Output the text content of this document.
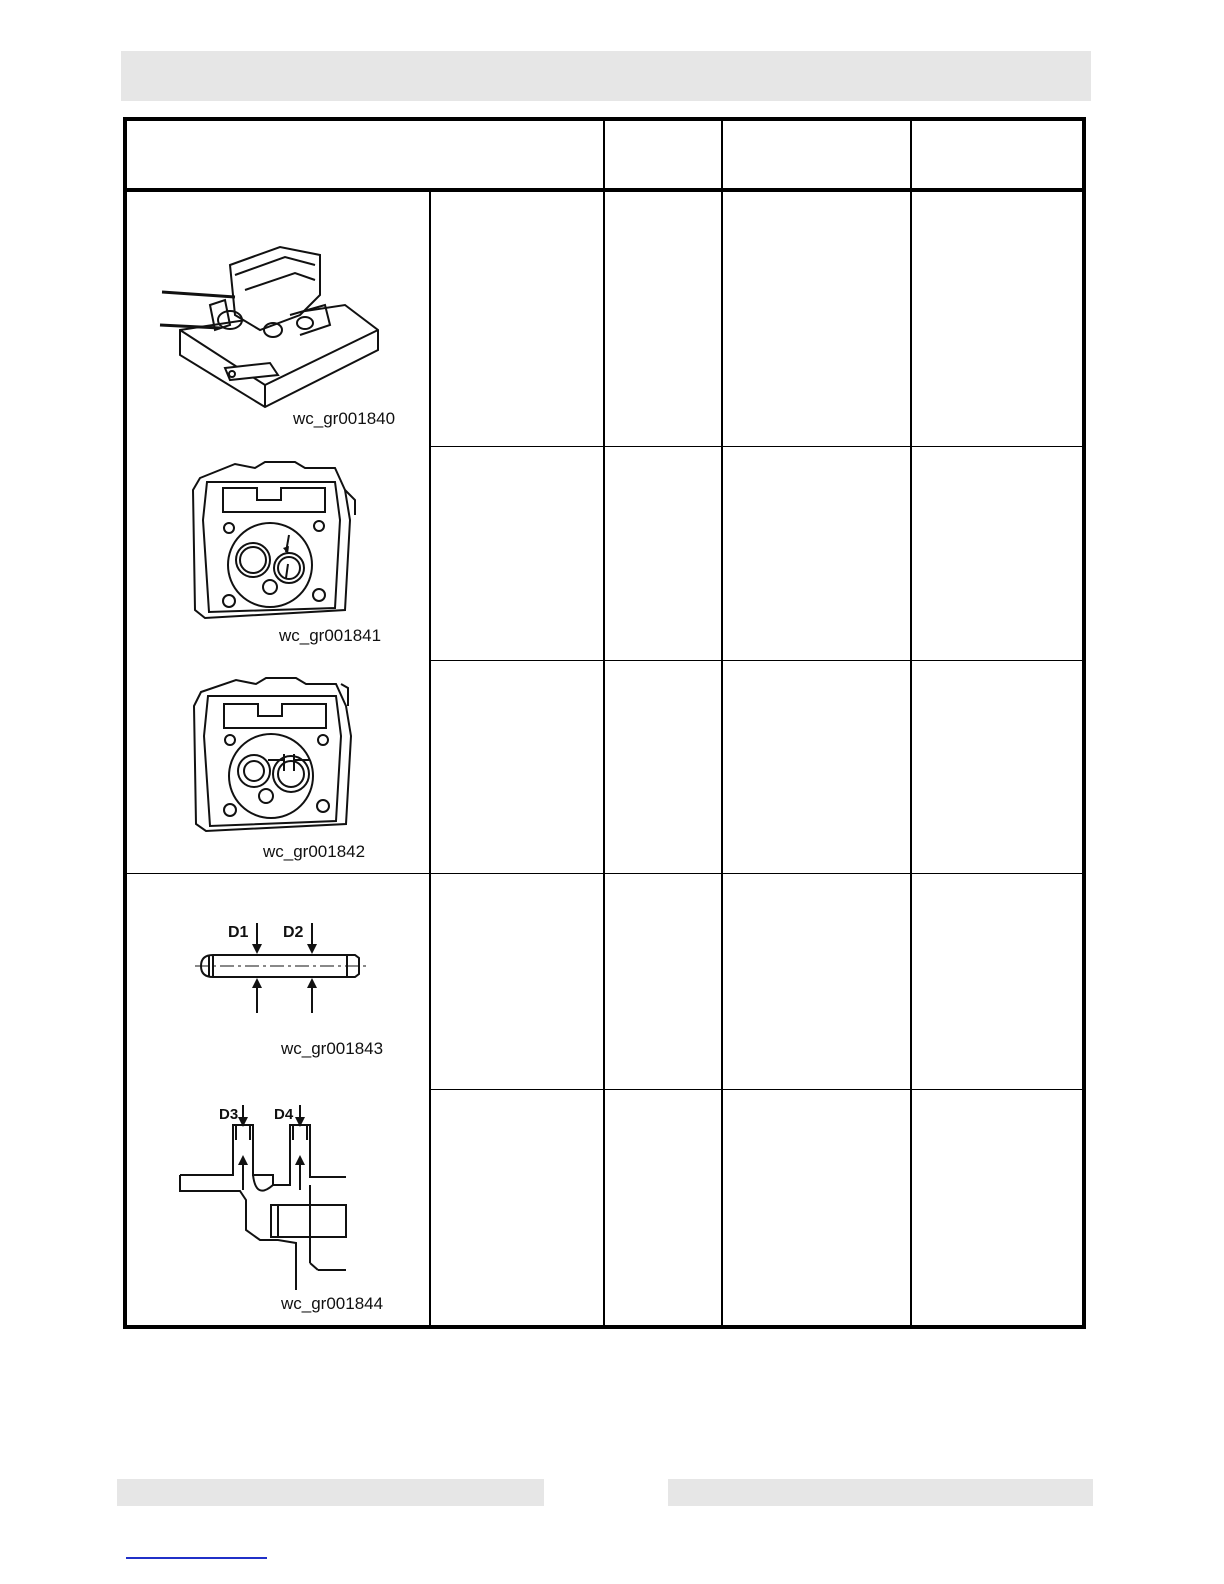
wc_gr001840
wc_gr001841
wc_gr001842
D1 D2
wc_gr001843
D3 D4
wc_gr001844
